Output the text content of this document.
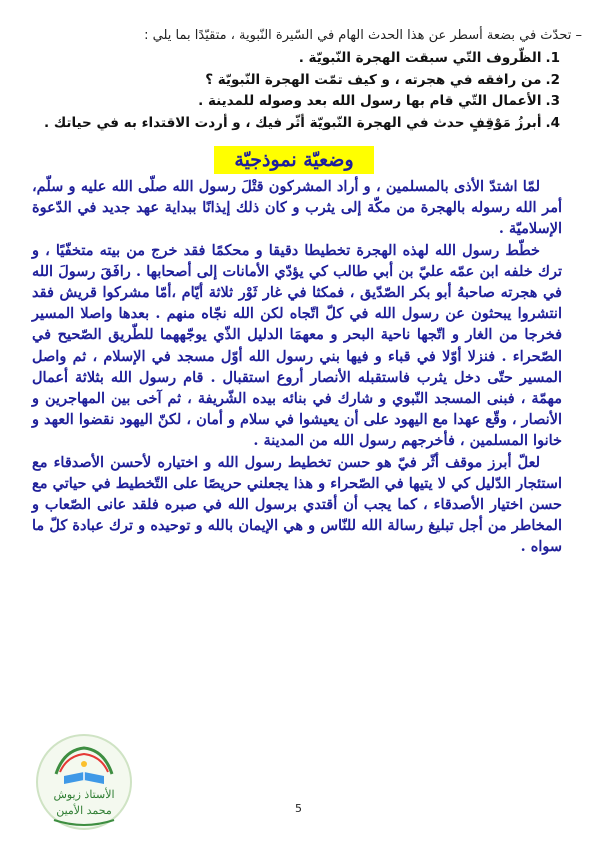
– تحدّث في بضعة أسطر عن هذا الحدث الهام في السّيرة النّبوية ، متقيّدًا بما يلي :
1.الظّروف التّي سبقت الهجرة النّبويّة .
2.من رافقه في هجرته ، و كيف تمّت الهجرة النّبويّة ؟
3.الأعمال التّي قام بها رسول الله بعد وصوله للمدينة .
4.أبرزُ مَوْقِفٍ حدث في الهجرة النّبويّة أثّر فيك ، و أردت الاقتداء به في حياتك .
وضعيّة نموذجيّة

لمّا اشتدّ الأذى بالمسلمين ، و أراد المشركون قتْلَ رسول الله صلّى الله عليه و سلّم، أمر الله رسوله بالهجرة من مكّة إلى يثرب و كان ذلك إيذانًا ببداية عهد جديد في الدّعوة الإسلاميّة .

خطّط رسول الله لهذه الهجرة تخطيطا دقيقا و محكمًا فقد خرج من بيته متخفّيًا ، و ترك خلفه ابن عمّه عليّ بن أبي طالب كي يؤدّي الأمانات إلى أصحابها . رافَقَ رسولَ الله في هجرته صاحبهُ أبو بكر الصّدّيق ، فمكثا في غار ثَوْر ثلاثة أيّام ،أمّا مشركوا قريش فقد انتشروا يبحثون عن رسول الله في كلّ اتّجاه لكن الله نجّاه منهم . بعدها واصلا المسير فخرجا من الغار و اتّجها ناحية البحر و معهمَا الدليل الذّي يوجّههما للطّريق الصّحيح في الصّحراء . فنزلا أوّلا في قباء و فيها بني رسول الله أوّل مسجد في الإسلام ، ثم واصل المسير حتّى دخل يثرب فاستقبله الأنصار أروع استقبال . قام رسول الله بثلاثة أعمال مهمّة ، فبنى المسجد النّبوي و شارك في بنائه بيده الشّريفة ، ثم آخى بين المهاجرين و الأنصار ، وقّع عهدا مع اليهود على أن يعيشوا في سلام و أمان ، لكنّ اليهود نقضوا العهد و خانوا المسلمين ، فأخرجهم رسول الله من المدينة .

لعلّ أبرز موقف أثّر فيّ هو حسن تخطيط رسول الله و اختياره لأحسن الأصدقاء مع استئجار الدّليل كي لا يتيها في الصّحراء و هذا يجعلني حريصًا على التّخطيط في حياتي مع حسن اختيار الأصدقاء ، كما يجب أن أقتدي برسول الله في صبره فلقد عانى الصّعاب و المخاطر من أجل تبليغ رسالة الله للنّاس و هي الإيمان بالله و توحيده و ترك عبادة كلّ ما سواه .

الأستاذ زيوش
محمد الأمين	5
